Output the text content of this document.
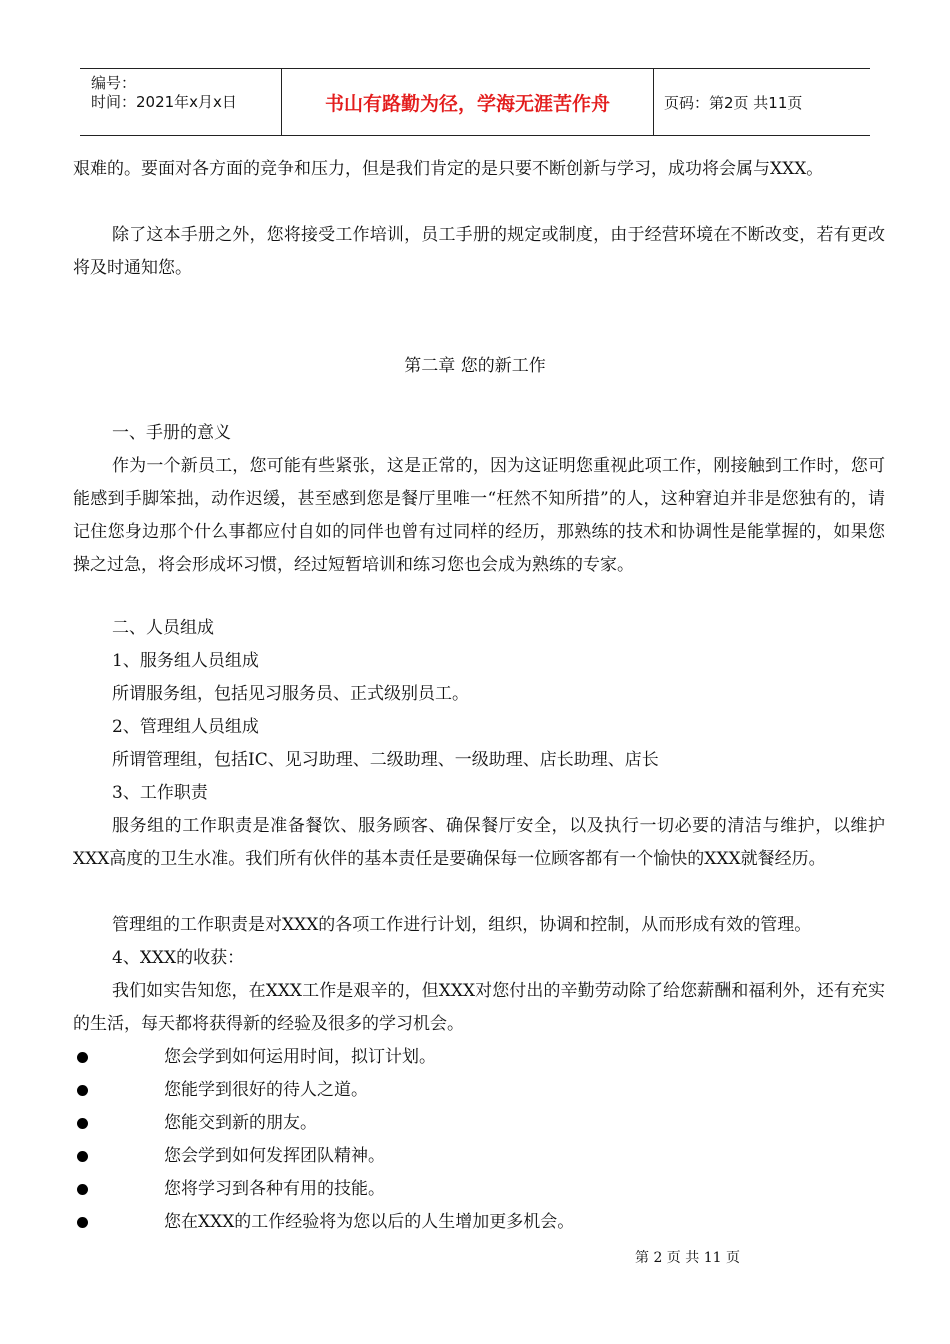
编号：
时间：2021年x月x日	书山有路勤为径，学海无涯苦作舟	页码：第2页 共11页

艰难的。要面对各方面的竞争和压力，但是我们肯定的是只要不断创新与学习，成功将会属与XXX。

除了这本手册之外，您将接受工作培训，员工手册的规定或制度，由于经营环境在不断改变，若有更改将及时通知您。

第二章 您的新工作
一、手册的意义

作为一个新员工，您可能有些紧张，这是正常的，因为这证明您重视此项工作，刚接触到工作时，您可能感到手脚笨拙，动作迟缓，甚至感到您是餐厅里唯一“枉然不知所措”的人，这种窘迫并非是您独有的，请记住您身边那个什么事都应付自如的同伴也曾有过同样的经历，那熟练的技术和协调性是能掌握的，如果您操之过急，将会形成坏习惯，经过短暂培训和练习您也会成为熟练的专家。

二、人员组成
1、服务组人员组成
所谓服务组，包括见习服务员、正式级别员工。
2、管理组人员组成
所谓管理组，包括IC、见习助理、二级助理、一级助理、店长助理、店长
3、工作职责

服务组的工作职责是准备餐饮、服务顾客、确保餐厅安全，以及执行一切必要的清洁与维护，以维护XXX高度的卫生水准。我们所有伙伴的基本责任是要确保每一位顾客都有一个愉快的XXX就餐经历。

管理组的工作职责是对XXX的各项工作进行计划，组织，协调和控制，从而形成有效的管理。

4、XXX的收获：

我们如实告知您，在XXX工作是艰辛的，但XXX对您付出的辛勤劳动除了给您薪酬和福利外，还有充实的生活，每天都将获得新的经验及很多的学习机会。

您会学到如何运用时间，拟订计划。
您能学到很好的待人之道。
您能交到新的朋友。
您会学到如何发挥团队精神。
您将学习到各种有用的技能。
您在XXX的工作经验将为您以后的人生增加更多机会。
第 2 页 共 11 页
